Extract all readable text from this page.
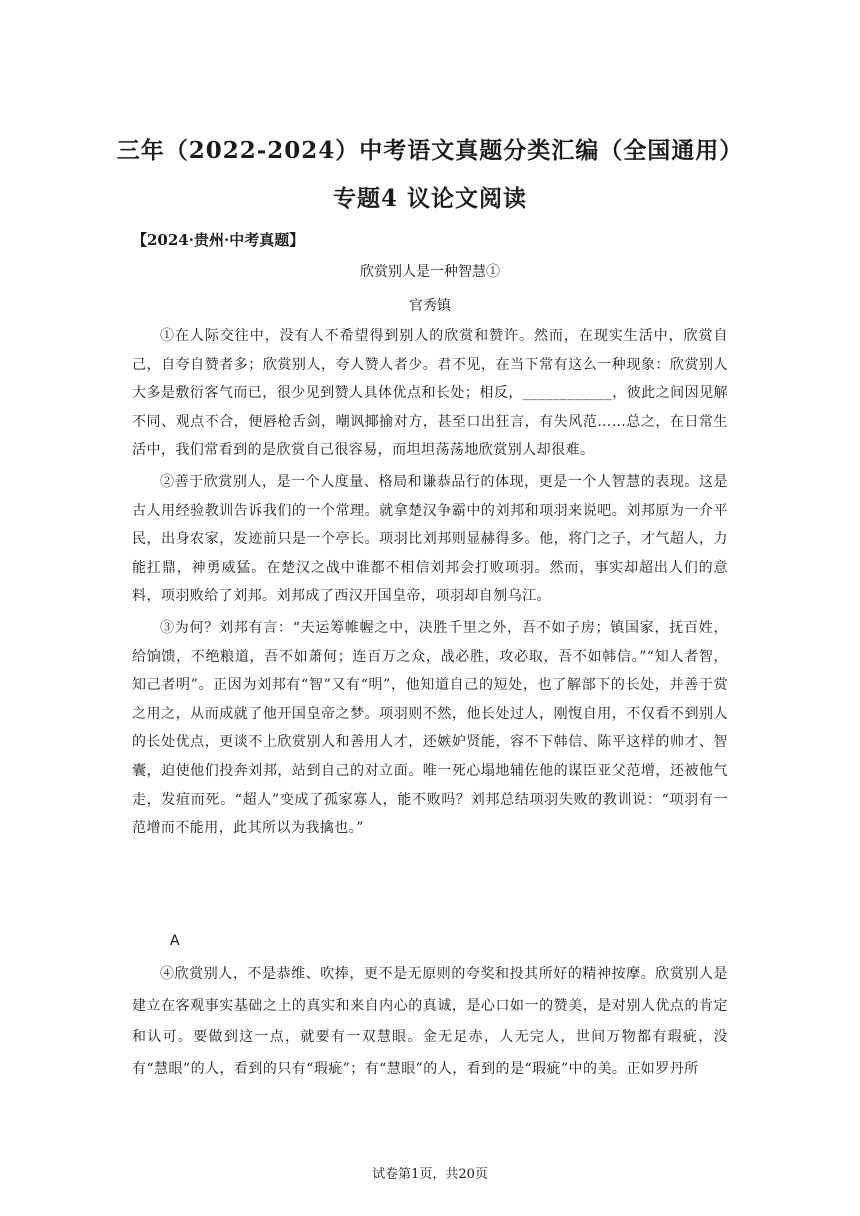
三年（2022-2024）中考语文真题分类汇编（全国通用）
专题4 议论文阅读
【2024·贵州·中考真题】
欣赏别人是一种智慧①
官秀镇

①在人际交往中，没有人不希望得到别人的欣赏和赞许。然而，在现实生活中，欣赏自己，自夸自赞者多；欣赏别人，夸人赞人者少。君不见，在当下常有这么一种现象：欣赏别人大多是敷衍客气而已，很少见到赞人具体优点和长处；相反，____________，彼此之间因见解不同、观点不合，便唇枪舌剑，嘲讽揶揄对方，甚至口出狂言，有失风范……总之，在日常生活中，我们常看到的是欣赏自己很容易，而坦坦荡荡地欣赏别人却很难。

②善于欣赏别人，是一个人度量、格局和谦恭品行的体现，更是一个人智慧的表现。这是古人用经验教训告诉我们的一个常理。就拿楚汉争霸中的刘邦和项羽来说吧。刘邦原为一介平民，出身农家，发迹前只是一个亭长。项羽比刘邦则显赫得多。他，将门之子，才气超人，力能扛鼎，神勇威猛。在楚汉之战中谁都不相信刘邦会打败项羽。然而，事实却超出人们的意料，项羽败给了刘邦。刘邦成了西汉开国皇帝，项羽却自刎乌江。

③为何？刘邦有言：“夫运筹帷幄之中，决胜千里之外，吾不如子房；镇国家，抚百姓，给饷馈，不绝粮道，吾不如萧何；连百万之众，战必胜，攻必取，吾不如韩信。”“知人者智，知己者明”。正因为刘邦有“智”又有“明”，他知道自己的短处，也了解部下的长处，并善于赏之用之，从而成就了他开国皇帝之梦。项羽则不然，他长处过人，刚愎自用，不仅看不到别人的长处优点，更谈不上欣赏别人和善用人才，还嫉妒贤能，容不下韩信、陈平这样的帅才、智囊，迫使他们投奔刘邦，站到自己的对立面。唯一死心塌地辅佐他的谋臣亚父范增，还被他气走，发疽而死。“超人”变成了孤家寡人，能不败吗？刘邦总结项羽失败的教训说：“项羽有一范增而不能用，此其所以为我擒也。”

A

④欣赏别人，不是恭维、吹捧，更不是无原则的夸奖和投其所好的精神按摩。欣赏别人是建立在客观事实基础之上的真实和来自内心的真诚，是心口如一的赞美，是对别人优点的肯定和认可。要做到这一点，就要有一双慧眼。金无足赤，人无完人，世间万物都有瑕疵，没有“慧眼”的人，看到的只有“瑕疵”；有“慧眼”的人，看到的是“瑕疵”中的美。正如罗丹所

试卷第1页，共20页
